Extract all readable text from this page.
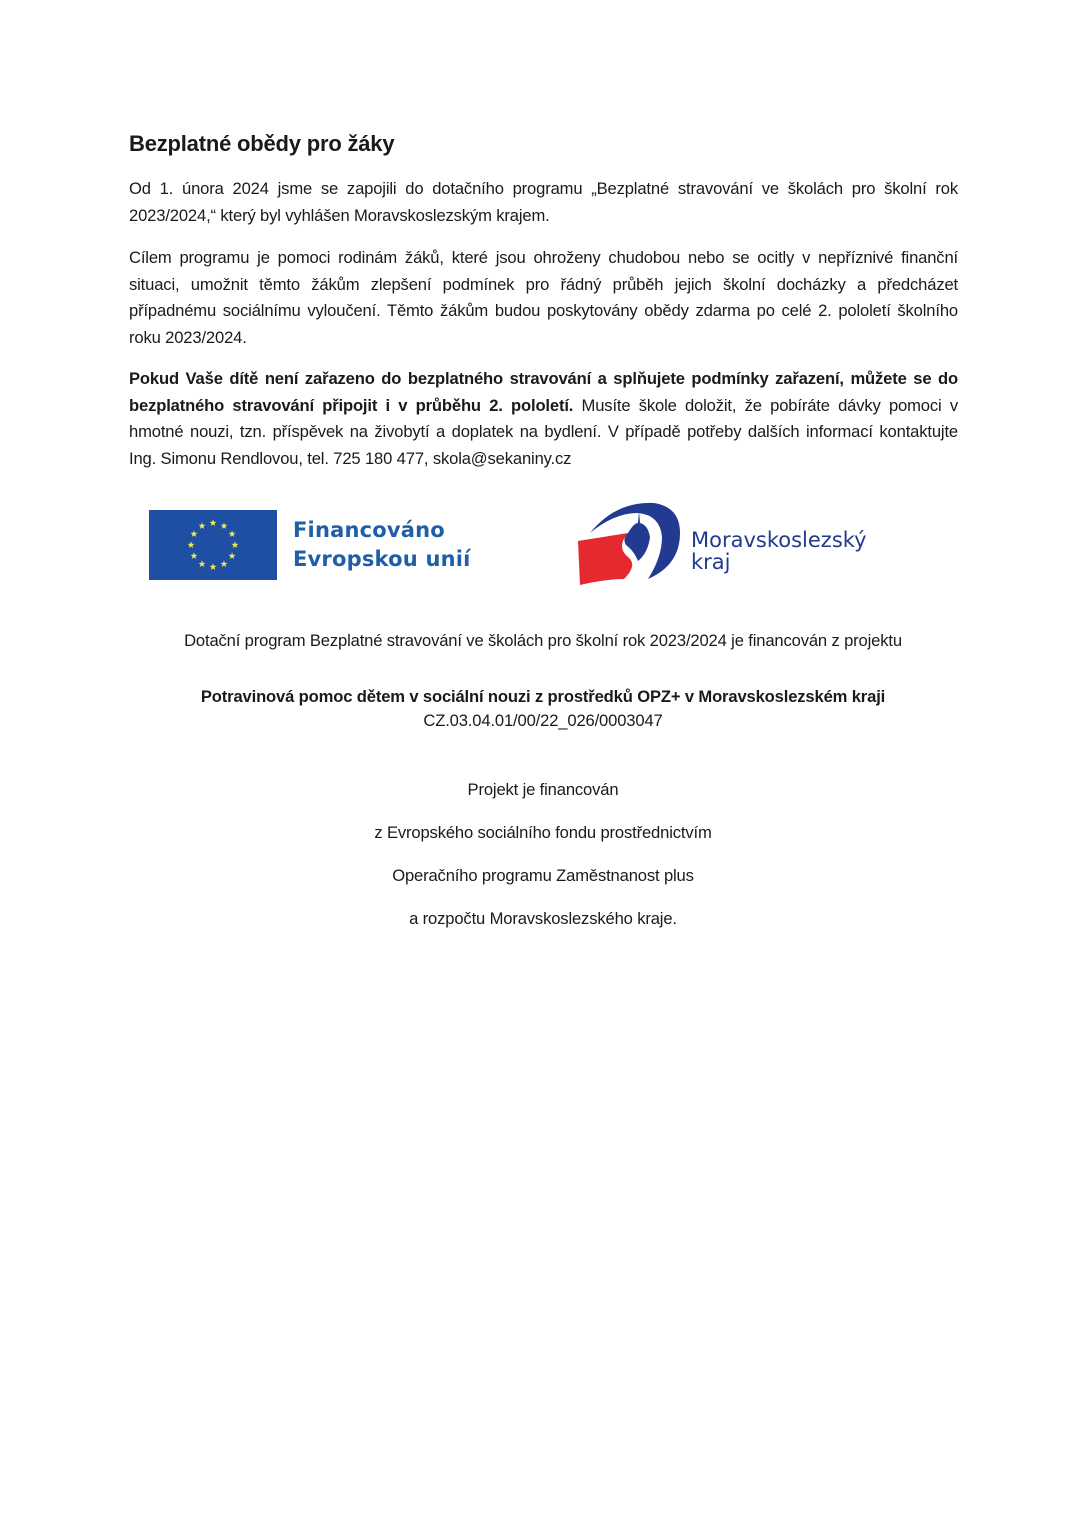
Bezplatné obědy pro žáky

Od 1. února 2024 jsme se zapojili do dotačního programu „Bezplatné stravování ve školách pro školní rok 2023/2024,“ který byl vyhlášen Moravskoslezským krajem.

Cílem programu je pomoci rodinám žáků, které jsou ohroženy chudobou nebo se ocitly v nepříznivé finanční situaci, umožnit těmto žákům zlepšení podmínek pro řádný průběh jejich školní docházky a předcházet případnému sociálnímu vyloučení. Těmto žákům budou poskytovány obědy zdarma po celé 2. pololetí školního roku 2023/2024.

Pokud Vaše dítě není zařazeno do bezplatného stravování a splňujete podmínky zařazení, můžete se do bezplatného stravování připojit i v průběhu 2. pololetí. Musíte škole doložit, že pobíráte dávky pomoci v hmotné nouzi, tzn. příspěvek na živobytí a doplatek na bydlení. V případě potřeby dalších informací kontaktujte Ing. Simonu Rendlovou, tel. 725 180 477, skola@sekaniny.cz

Financováno
Evropskou unií
Moravskoslezský
kraj
Dotační program Bezplatné stravování ve školách pro školní rok 2023/2024 je financován z projektu
Potravinová pomoc dětem v sociální nouzi z prostředků OPZ+ v Moravskoslezském kraji
CZ.03.04.01/00/22_026/0003047
Projekt je financován
z Evropského sociálního fondu prostřednictvím
Operačního programu Zaměstnanost plus
a rozpočtu Moravskoslezského kraje.
